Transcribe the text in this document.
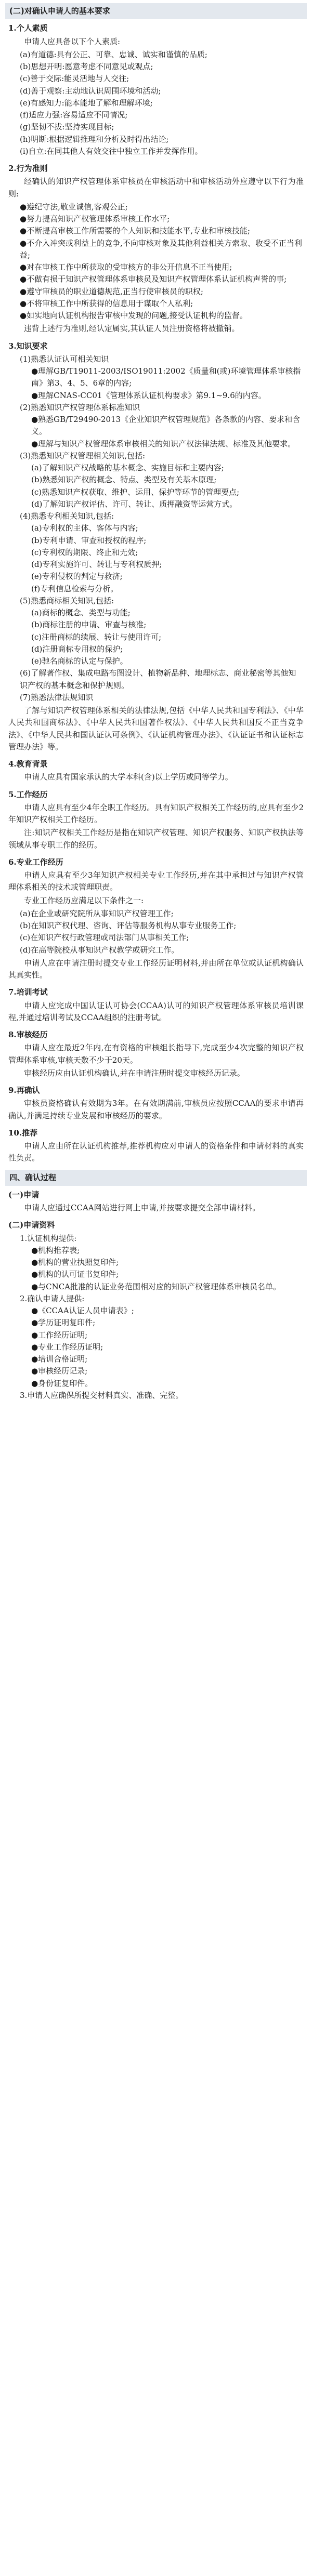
(二)对确认申请人的基本要求
1.个人素质

申请人应具备以下个人素质:

(a)有道德:具有公正、可靠、忠诚、诚实和谨慎的品质;

(b)思想开明:愿意考虑不同意见或观点;

(c)善于交际:能灵活地与人交往;

(d)善于观察:主动地认识周围环境和活动;

(e)有感知力:能本能地了解和理解环境;

(f)适应力强:容易适应不同情况;

(g)坚韧不拔:坚持实现目标;

(h)明断:根据逻辑推理和分析及时得出结论;

(i)自立:在同其他人有效交往中独立工作并发挥作用。

2.行为准则

经确认的知识产权管理体系审核员在审核活动中和审核活动外应遵守以下行为准则:

●遵纪守法,敬业诚信,客观公正;

●努力提高知识产权管理体系审核工作水平;

●不断提高审核工作所需要的个人知识和技能水平,专业和审核技能;

●不介入冲突或利益上的竞争,不向审核对象及其他利益相关方索取、收受不正当利益;

●对在审核工作中所获取的受审核方的非公开信息不正当使用;

●不做有损于知识产权管理体系审核员及知识产权管理体系认证机构声誉的事;

●遵守审核员的职业道德规范,正当行使审核员的职权;

●不将审核工作中所获得的信息用于谋取个人私利;

●如实地向认证机构报告审核中发现的问题,接受认证机构的监督。

违背上述行为准则,经认定属实,其认证人员注册资格将被撤销。

3.知识要求

(1)熟悉认证认可相关知识

●理解GB/T19011-2003/ISO19011:2002《质量和(或)环境管理体系审核指南》第3、4、5、6章的内容;

●理解CNAS-CC01《管理体系认证机构要求》第9.1~9.6的内容。

(2)熟悉知识产权管理体系标准知识

●熟悉GB/T29490-2013《企业知识产权管理规范》各条款的内容、要求和含义。

●理解与知识产权管理体系审核相关的知识产权法律法规、标准及其他要求。

(3)熟悉知识产权管理相关知识,包括:

(a)了解知识产权战略的基本概念、实施目标和主要内容;

(b)熟悉知识产权的概念、特点、类型及有关基本原理;

(c)熟悉知识产权获取、维护、运用、保护等环节的管理要点;

(d)了解知识产权评估、许可、转让、质押融资等运营方式。

(4)熟悉专利相关知识,包括:

(a)专利权的主体、客体与内容;

(b)专利申请、审查和授权的程序;

(c)专利权的期限、终止和无效;

(d)专利实施许可、转让与专利权质押;

(e)专利侵权的判定与救济;

(f)专利信息检索与分析。

(5)熟悉商标相关知识,包括:

(a)商标的概念、类型与功能;

(b)商标注册的申请、审查与核准;

(c)注册商标的续展、转让与使用许可;

(d)注册商标专用权的保护;

(e)驰名商标的认定与保护。

(6)了解著作权、集成电路布图设计、植物新品种、地理标志、商业秘密等其他知识产权的基本概念和保护规则。

(7)熟悉法律法规知识

了解与知识产权管理体系相关的法律法规,包括《中华人民共和国专利法》、《中华人民共和国商标法》、《中华人民共和国著作权法》、《中华人民共和国反不正当竞争法》、《中华人民共和国认证认可条例》、《认证机构管理办法》、《认证证书和认证标志管理办法》等。

4.教育背景

申请人应具有国家承认的大学本科(含)以上学历或同等学力。

5.工作经历

申请人应具有至少4年全职工作经历。具有知识产权相关工作经历的,应具有至少2年知识产权相关工作经历。

注:知识产权相关工作经历是指在知识产权管理、知识产权服务、知识产权执法等领域从事专职工作的经历。

6.专业工作经历

申请人应具有至少3年知识产权相关专业工作经历,并在其中承担过与知识产权管理体系相关的技术或管理职责。

专业工作经历应满足以下条件之一:

(a)在企业或研究院所从事知识产权管理工作;

(b)在知识产权代理、咨询、评估等服务机构从事专业服务工作;

(c)在知识产权行政管理或司法部门从事相关工作;

(d)在高等院校从事知识产权教学或研究工作。

申请人应在申请注册时提交专业工作经历证明材料,并由所在单位或认证机构确认其真实性。

7.培训考试

申请人应完成中国认证认可协会(CCAA)认可的知识产权管理体系审核员培训课程,并通过培训考试及CCAA组织的注册考试。

8.审核经历

申请人应在最近2年内,在有资格的审核组长指导下,完成至少4次完整的知识产权管理体系审核,审核天数不少于20天。

审核经历应由认证机构确认,并在申请注册时提交审核经历记录。

9.再确认

审核员资格确认有效期为3年。在有效期满前,审核员应按照CCAA的要求申请再确认,并满足持续专业发展和审核经历的要求。

10.推荐

申请人应由所在认证机构推荐,推荐机构应对申请人的资格条件和申请材料的真实性负责。

四、确认过程
(一)申请

申请人应通过CCAA网站进行网上申请,并按要求提交全部申请材料。

(二)申请资料

1.认证机构提供:

●机构推荐表;

●机构的营业执照复印件;

●机构的认可证书复印件;

●与CNCA批准的认证业务范围相对应的知识产权管理体系审核员名单。

2.确认申请人提供:

●《CCAA认证人员申请表》;

●学历证明复印件;

●工作经历证明;

●专业工作经历证明;

●培训合格证明;

●审核经历记录;

●身份证复印件。

3.申请人应确保所提交材料真实、准确、完整。
